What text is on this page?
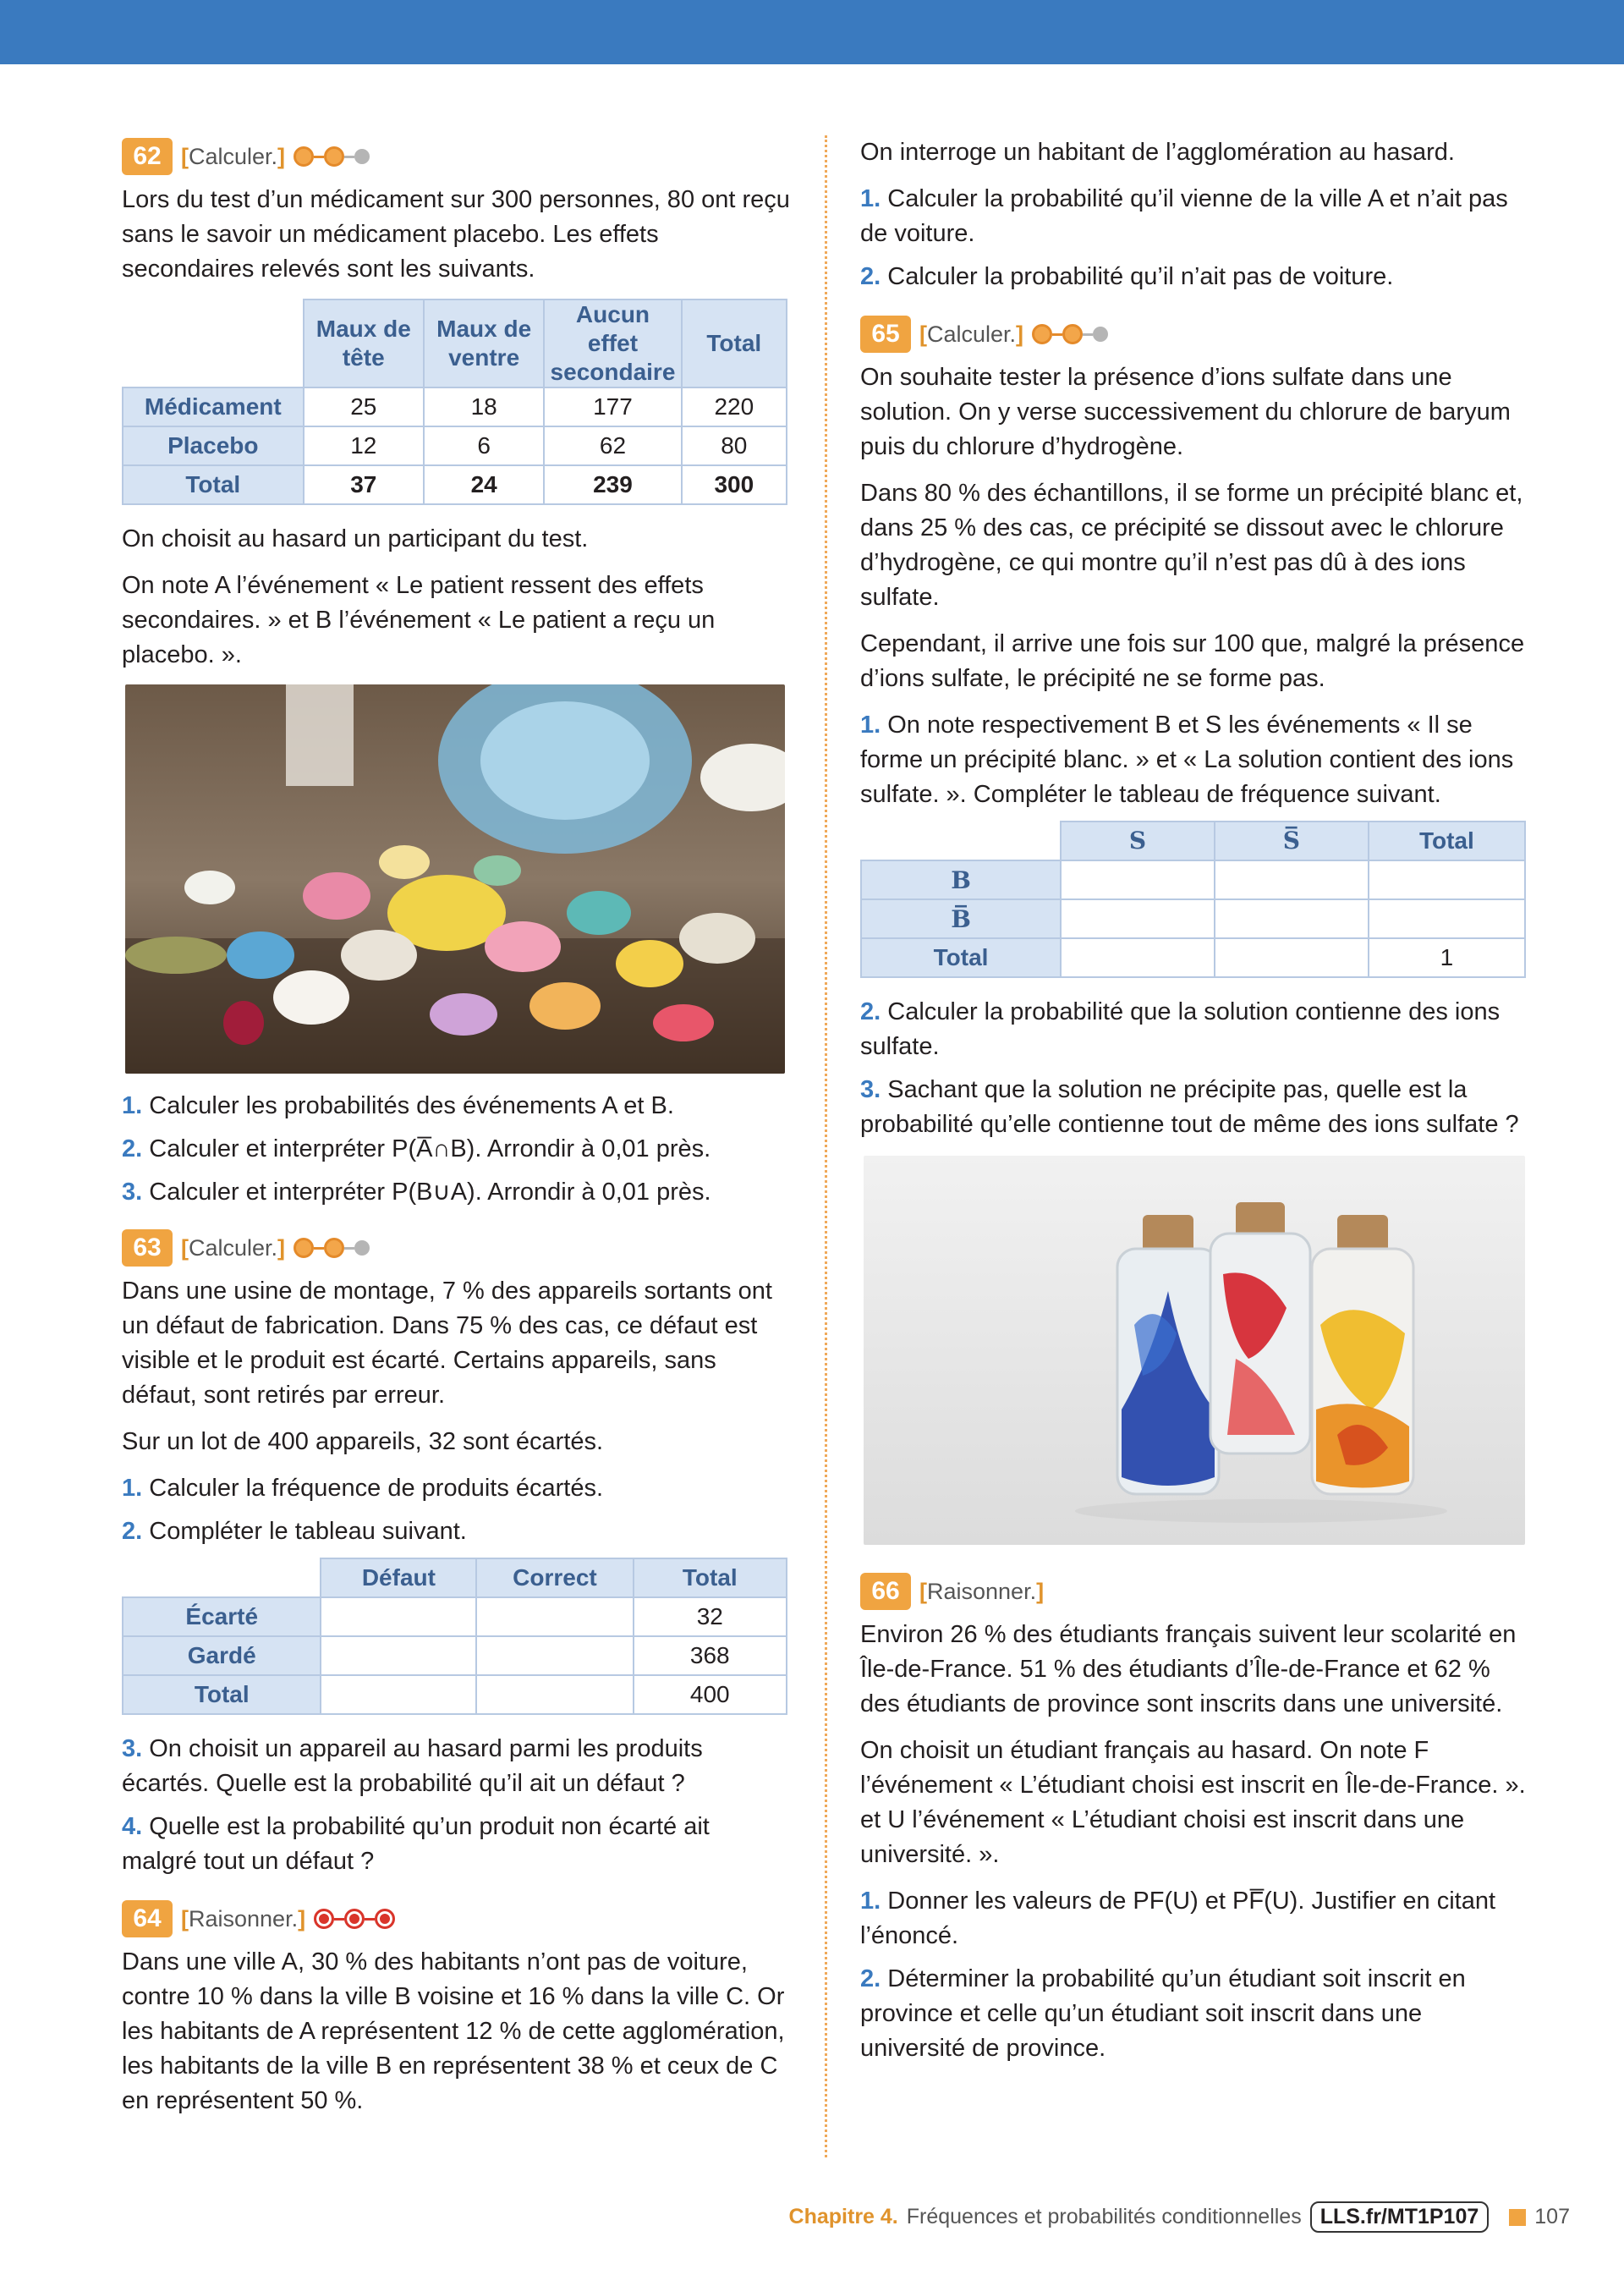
62 [Calculer.]

Lors du test d’un médicament sur 300 personnes, 80 ont reçu sans le savoir un médicament placebo. Les effets secondaires relevés sont les suivants.

	Maux de tête	Maux de ventre	Aucun effet secondaire	Total
Médicament	25	18	177	220
Placebo	12	6	62	80
Total	37	24	239	300

On choisit au hasard un participant du test.

On note A l’événement « Le patient ressent des effets secondaires. » et B l’événement « Le patient a reçu un placebo. ».

1. Calculer les probabilités des événements A et B.

2. Calculer et interpréter P(A̅∩B). Arrondir à 0,01 près.

3. Calculer et interpréter P(B∪A). Arrondir à 0,01 près.

63 [Calculer.]

Dans une usine de montage, 7 % des appareils sortants ont un défaut de fabrication. Dans 75 % des cas, ce défaut est visible et le produit est écarté. Certains appareils, sans défaut, sont retirés par erreur.

Sur un lot de 400 appareils, 32 sont écartés.

1. Calculer la fréquence de produits écartés.

2. Compléter le tableau suivant.

	Défaut	Correct	Total
Écarté			32
Gardé			368
Total			400

3. On choisit un appareil au hasard parmi les produits écartés. Quelle est la probabilité qu’il ait un défaut ?

4. Quelle est la probabilité qu’un produit non écarté ait malgré tout un défaut ?

64 [Raisonner.]

Dans une ville A, 30 % des habitants n’ont pas de voiture, contre 10 % dans la ville B voisine et 16 % dans la ville C. Or les habitants de A représentent 12 % de cette agglomération, les habitants de la ville B en représentent 38 % et ceux de C en représentent 50 %.

On interroge un habitant de l’agglomération au hasard.

1. Calculer la probabilité qu’il vienne de la ville A et n’ait pas de voiture.

2. Calculer la probabilité qu’il n’ait pas de voiture.

65 [Calculer.]

On souhaite tester la présence d’ions sulfate dans une solution. On y verse successivement du chlorure de baryum puis du chlorure d’hydrogène.

Dans 80 % des échantillons, il se forme un précipité blanc et, dans 25 % des cas, ce précipité se dissout avec le chlorure d’hydrogène, ce qui montre qu’il n’est pas dû à des ions sulfate.

Cependant, il arrive une fois sur 100 que, malgré la présence d’ions sulfate, le précipité ne se forme pas.

1. On note respectivement B et S les événements « Il se forme un précipité blanc. » et « La solution contient des ions sulfate. ». Compléter le tableau de fréquence suivant.

	S	S̅	Total
B			
B̅			
Total			1

2. Calculer la probabilité que la solution contienne des ions sulfate.

3. Sachant que la solution ne précipite pas, quelle est la probabilité qu’elle contienne tout de même des ions sulfate ?

66 [Raisonner.]

Environ 26 % des étudiants français suivent leur scolarité en Île-de-France. 51 % des étudiants d’Île-de-France et 62 % des étudiants de province sont inscrits dans une université.

On choisit un étudiant français au hasard. On note F l’événement « L’étudiant choisi est inscrit en Île-de-France. ». et U l’événement « L’étudiant choisi est inscrit dans une université. ».

1. Donner les valeurs de PF(U) et PF̅(U). Justifier en citant l’énoncé.

2. Déterminer la probabilité qu’un étudiant soit inscrit en province et celle qu’un étudiant soit inscrit dans une université de province.

Chapitre 4. Fréquences et probabilités conditionnelles LLS.fr/MT1P107	107
